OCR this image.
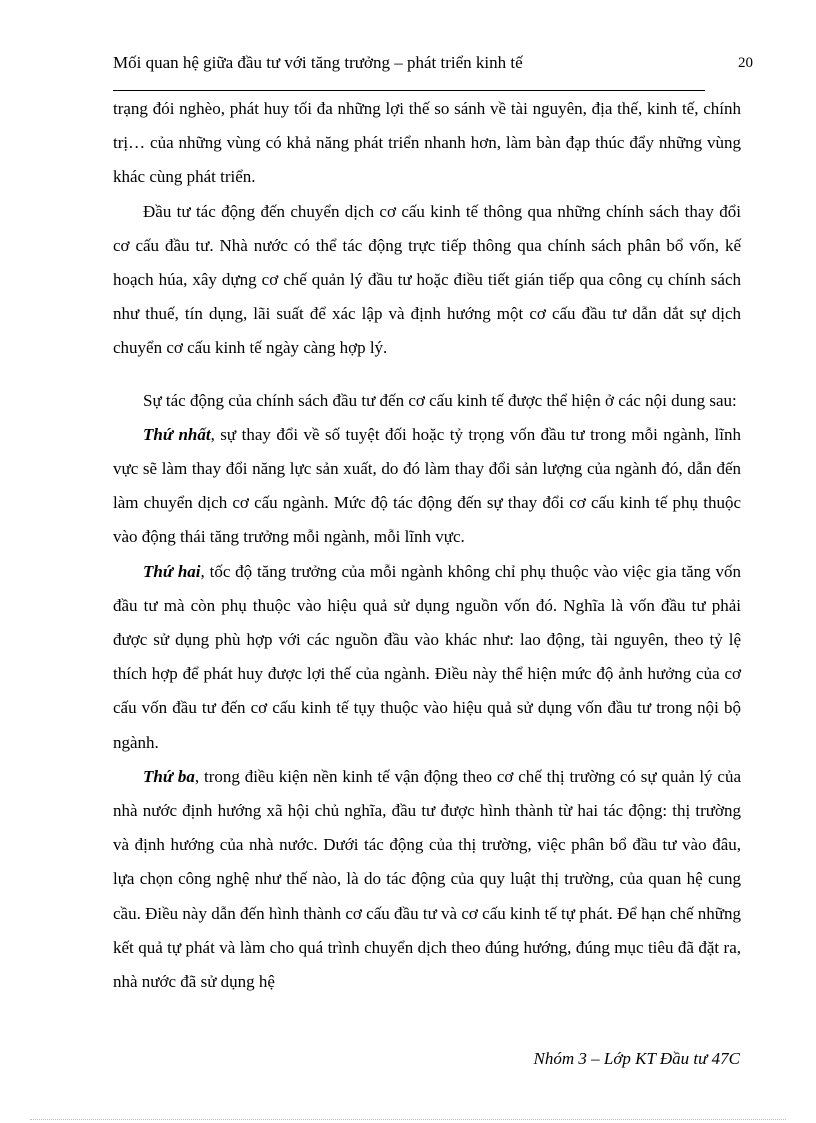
Mối quan hệ giữa đầu tư với tăng trưởng – phát triển kinh tế	20

trạng đói nghèo, phát huy tối đa những lợi thế so sánh về tài nguyên, địa thế, kinh tế, chính trị… của những vùng có khả năng phát triển nhanh hơn, làm bàn đạp thúc đẩy những vùng khác cùng phát triển.

Đầu tư tác động đến chuyển dịch cơ cấu kinh tế thông qua những chính sách thay đổi cơ cấu đầu tư. Nhà nước có thể tác động trực tiếp thông qua chính sách phân bổ vốn, kế hoạch húa, xây dựng cơ chế quản lý đầu tư hoặc điều tiết gián tiếp qua công cụ chính sách như thuế, tín dụng, lãi suất để xác lập và định hướng một cơ cấu đầu tư dẫn dắt sự dịch chuyển cơ cấu kinh tế ngày càng hợp lý.

Sự tác động của chính sách đầu tư đến cơ cấu kinh tế được thể hiện ở các nội dung sau:

Thứ nhất, sự thay đổi về số tuyệt đối hoặc tỷ trọng vốn đầu tư trong mỗi ngành, lĩnh vực sẽ làm thay đổi năng lực sản xuất, do đó làm thay đổi sản lượng của ngành đó, dẫn đến làm chuyển dịch cơ cấu ngành. Mức độ tác động đến sự thay đổi cơ cấu kinh tế phụ thuộc vào động thái tăng trưởng mỗi ngành, mỗi lĩnh vực.

Thứ hai, tốc độ tăng trưởng của mỗi ngành không chỉ phụ thuộc vào việc gia tăng vốn đầu tư mà còn phụ thuộc vào hiệu quả sử dụng nguồn vốn đó. Nghĩa là vốn đầu tư phải được sử dụng phù hợp với các nguồn đầu vào khác như: lao động, tài nguyên, theo tỷ lệ thích hợp để phát huy được lợi thế của ngành. Điều này thể hiện mức độ ảnh hưởng của cơ cấu vốn đầu tư đến cơ cấu kinh tế tụy thuộc vào hiệu quả sử dụng vốn đầu tư trong nội bộ ngành.

Thứ ba, trong điều kiện nền kinh tế vận động theo cơ chế thị trường có sự quản lý của nhà nước định hướng xã hội chủ nghĩa, đầu tư được hình thành từ hai tác động: thị trường và định hướng của nhà nước. Dưới tác động của thị trường, việc phân bổ đầu tư vào đâu, lựa chọn công nghệ như thế nào, là do tác động của quy luật thị trường, của quan hệ cung cầu. Điều này dẫn đến hình thành cơ cấu đầu tư và cơ cấu kinh tế tự phát. Để hạn chế những kết quả tự phát và làm cho quá trình chuyển dịch theo đúng hướng, đúng mục tiêu đã đặt ra, nhà nước đã sử dụng hệ

Nhóm 3 – Lớp KT Đầu tư 47C
